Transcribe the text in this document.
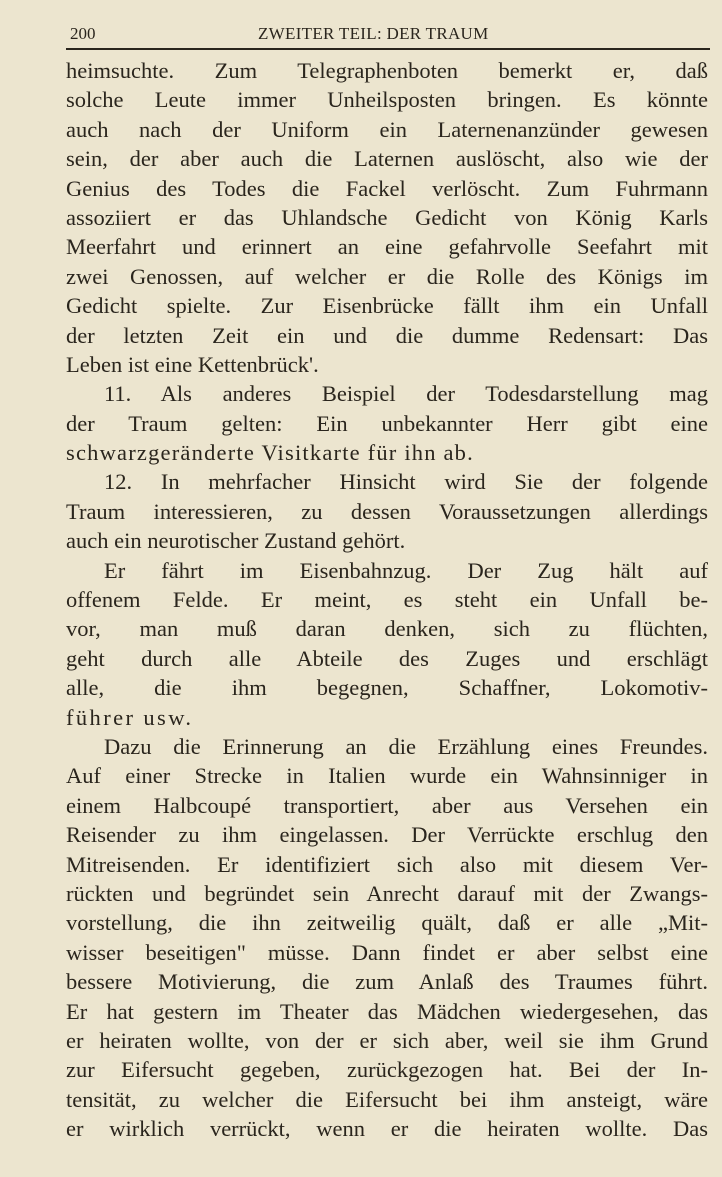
200	ZWEITER TEIL: DER TRAUM
heimsuchte. Zum Telegraphenboten bemerkt er, daß
solche Leute immer Unheilsposten bringen. Es könnte
auch nach der Uniform ein Laternenanzünder gewesen
sein, der aber auch die Laternen auslöscht, also wie der
Genius des Todes die Fackel verlöscht. Zum Fuhrmann
assoziiert er das Uhlandsche Gedicht von König Karls
Meerfahrt und erinnert an eine gefahrvolle Seefahrt mit
zwei Genossen, auf welcher er die Rolle des Königs im
Gedicht spielte. Zur Eisenbrücke fällt ihm ein Unfall
der letzten Zeit ein und die dumme Redensart: Das
Leben ist eine Kettenbrück'.
11. Als anderes Beispiel der Todesdarstellung mag
der Traum gelten: Ein unbekannter Herr gibt eine
schwarzgeränderte Visitkarte für ihn ab.
12. In mehrfacher Hinsicht wird Sie der folgende
Traum interessieren, zu dessen Voraussetzungen allerdings
auch ein neurotischer Zustand gehört.
Er fährt im Eisenbahnzug. Der Zug hält auf
offenem Felde. Er meint, es steht ein Unfall be-
vor, man muß daran denken, sich zu flüchten,
geht durch alle Abteile des Zuges und erschlägt
alle, die ihm begegnen, Schaffner, Lokomotiv-
führer usw.
Dazu die Erinnerung an die Erzählung eines Freundes.
Auf einer Strecke in Italien wurde ein Wahnsinniger in
einem Halbcoupé transportiert, aber aus Versehen ein
Reisender zu ihm eingelassen. Der Verrückte erschlug den
Mitreisenden. Er identifiziert sich also mit diesem Ver-
rückten und begründet sein Anrecht darauf mit der Zwangs-
vorstellung, die ihn zeitweilig quält, daß er alle „Mit-
wisser beseitigen" müsse. Dann findet er aber selbst eine
bessere Motivierung, die zum Anlaß des Traumes führt.
Er hat gestern im Theater das Mädchen wiedergesehen, das
er heiraten wollte, von der er sich aber, weil sie ihm Grund
zur Eifersucht gegeben, zurückgezogen hat. Bei der In-
tensität, zu welcher die Eifersucht bei ihm ansteigt, wäre
er wirklich verrückt, wenn er die heiraten wollte. Das
